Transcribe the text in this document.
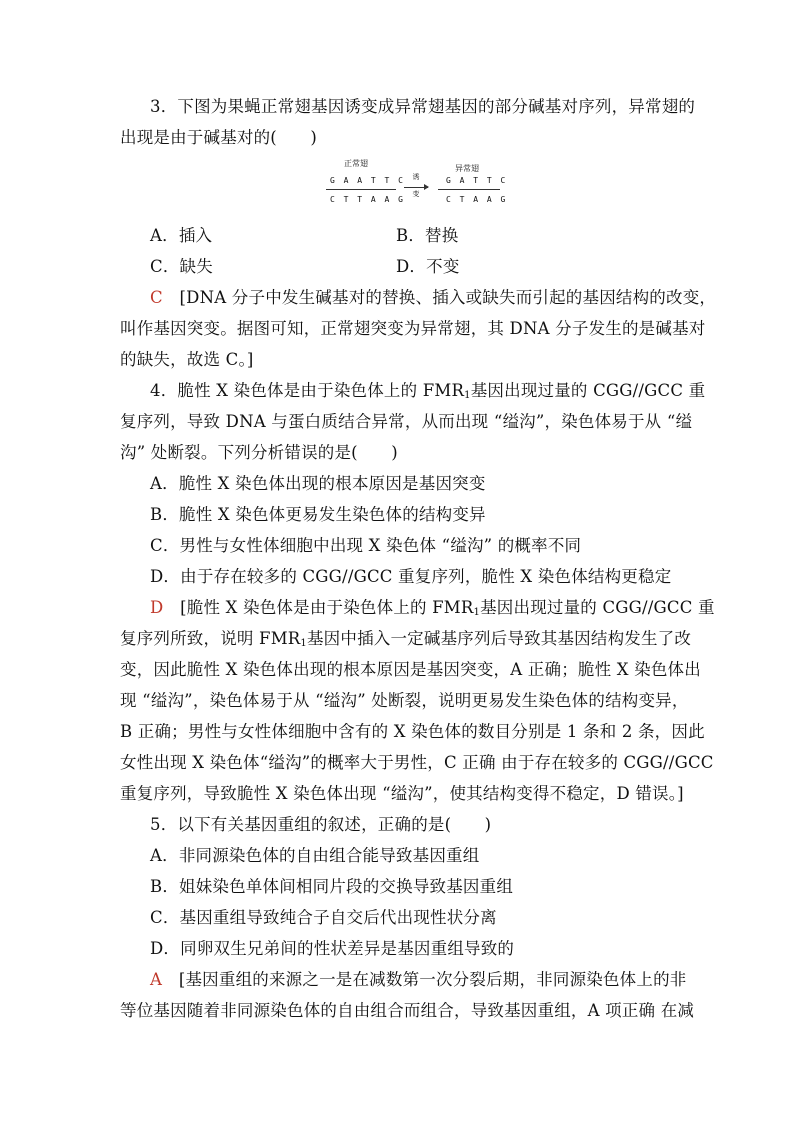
3．下图为果蝇正常翅基因诱变成异常翅基因的部分碱基对序列，异常翅的
出现是由于碱基对的(　　)
正常翅
异常翅
G A A T T C
C T T A A G
诱
变
G A T T C
C T A A G
A．插入	B．替换
C．缺失	D．不变
C  [DNA 分子中发生碱基对的替换、插入或缺失而引起的基因结构的改变，
叫作基因突变。据图可知，正常翅突变为异常翅，其 DNA 分子发生的是碱基对
的缺失，故选 C。]
4．脆性 X 染色体是由于染色体上的 $FMR_1$基因出现过量的 CGG//GCC 重
复序列，导致 DNA 与蛋白质结合异常，从而出现 “缢沟”，染色体易于从 “缢
沟” 处断裂。下列分析错误的是(　　)
A．脆性 X 染色体出现的根本原因是基因突变
B．脆性 X 染色体更易发生染色体的结构变异
C．男性与女性体细胞中出现 X 染色体 “缢沟” 的概率不同
D．由于存在较多的 CGG//GCC 重复序列，脆性 X 染色体结构更稳定
D  [脆性 X 染色体是由于染色体上的 $FMR_1$基因出现过量的 CGG//GCC 重
复序列所致，说明 $FMR_1$基因中插入一定碱基序列后导致其基因结构发生了改
变，因此脆性 X 染色体出现的根本原因是基因突变，A 正确；脆性 X 染色体出
现 “缢沟”，染色体易于从 “缢沟” 处断裂，说明更易发生染色体的结构变异，
B 正确；男性与女性体细胞中含有的 X 染色体的数目分别是 1 条和 2 条，因此
女性出现 X 染色体“缢沟”的概率大于男性，C 正确 由于存在较多的 CGG//GCC
重复序列，导致脆性 X 染色体出现 “缢沟”，使其结构变得不稳定，D 错误。]
5．以下有关基因重组的叙述，正确的是(　　)
A．非同源染色体的自由组合能导致基因重组
B．姐妹染色单体间相同片段的交换导致基因重组
C．基因重组导致纯合子自交后代出现性状分离
D．同卵双生兄弟间的性状差异是基因重组导致的
A  [基因重组的来源之一是在减数第一次分裂后期，非同源染色体上的非
等位基因随着非同源染色体的自由组合而组合，导致基因重组，A 项正确 在减
